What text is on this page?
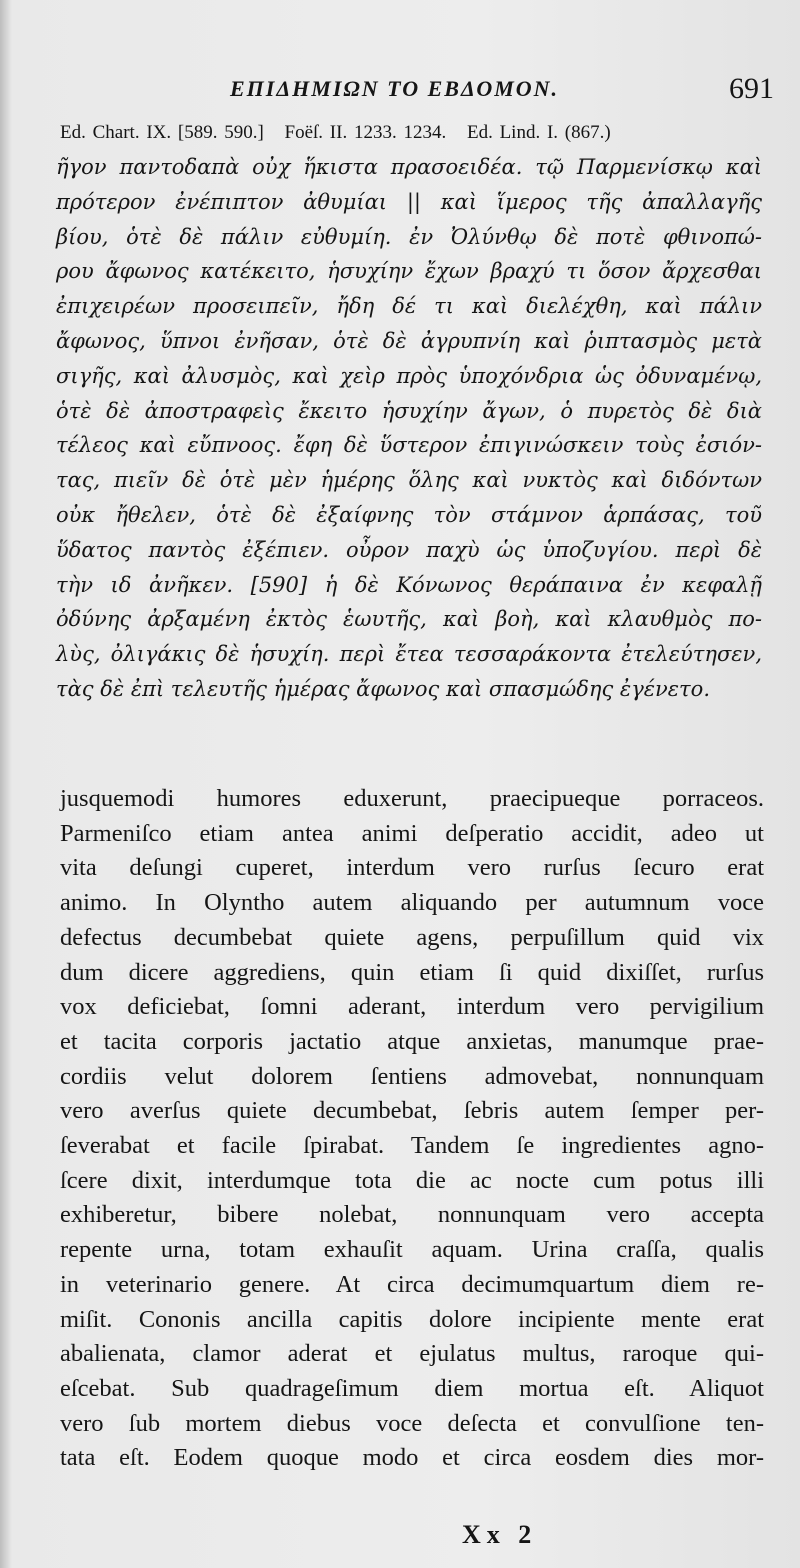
ΕΠΙΔΗΜΙΩΝ ΤΟ ΕΒΔΟΜΟΝ.	691
Ed. Chart. IX. [589. 590.] Foëſ. II. 1233. 1234. Ed. Lind. I. (867.)
ῆγον παντοδαπὰ οὐχ ἥκιστα πρασοειδέα. τῷ Παρμενίσκῳ καὶ
πρότερον ἐνέπιπτον ἀθυμίαι || καὶ ἵμερος τῆς ἀπαλλαγῆς
βίου, ὁτὲ δὲ πάλιν εὐθυμίη. ἐν Ὀλύνθῳ δὲ ποτὲ φθινοπώ-
ρου ἄφωνος κατέκειτο, ἡσυχίην ἔχων βραχύ τι ὅσον ἄρχεσθαι
ἐπιχειρέων προσειπεῖν, ἤδη δέ τι καὶ διελέχθη, καὶ πάλιν
ἄφωνος, ὕπνοι ἐνῆσαν, ὁτὲ δὲ ἀγρυπνίη καὶ ῥιπτασμὸς μετὰ
σιγῆς, καὶ ἀλυσμὸς, καὶ χεὶρ πρὸς ὑποχόνδρια ὡς ὀδυναμένῳ,
ὁτὲ δὲ ἀποστραφεὶς ἔκειτο ἡσυχίην ἄγων, ὁ πυρετὸς δὲ διὰ
τέλεος καὶ εὔπνοος. ἔφη δὲ ὕστερον ἐπιγινώσκειν τοὺς ἐσιόν-
τας, πιεῖν δὲ ὁτὲ μὲν ἡμέρης ὅλης καὶ νυκτὸς καὶ διδόντων
οὐκ ἤθελεν, ὁτὲ δὲ ἐξαίφνης τὸν στάμνον ἁρπάσας, τοῦ
ὕδατος παντὸς ἐξέπιεν. οὖρον παχὺ ὡς ὑποζυγίου. περὶ δὲ
τὴν ιδ ἀνῆκεν. [590] ἡ δὲ Κόνωνος θεράπαινα ἐν κεφαλῇ
ὀδύνης ἀρξαμένη ἐκτὸς ἑωυτῆς, καὶ βοὴ, καὶ κλαυθμὸς πο-
λὺς, ὀλιγάκις δὲ ἡσυχίη. περὶ ἔτεα τεσσαράκοντα ἐτελεύτησεν,
τὰς δὲ ἐπὶ τελευτῆς ἡμέρας ἄφωνος καὶ σπασμώδης ἐγένετο.
jusquemodi humores eduxerunt, praecipueque porraceos.
Parmeniſco etiam antea animi deſperatio accidit, adeo ut
vita deſungi cuperet, interdum vero rurſus ſecuro erat
animo. In Olyntho autem aliquando per autumnum voce
defectus decumbebat quiete agens, perpuſillum quid vix
dum dicere aggrediens, quin etiam ſi quid dixiſſet, rurſus
vox deficiebat, ſomni aderant, interdum vero pervigilium
et tacita corporis jactatio atque anxietas, manumque prae-
cordiis velut dolorem ſentiens admovebat, nonnunquam
vero averſus quiete decumbebat, ſebris autem ſemper per-
ſeverabat et facile ſpirabat. Tandem ſe ingredientes agno-
ſcere dixit, interdumque tota die ac nocte cum potus illi
exhiberetur, bibere nolebat, nonnunquam vero accepta
repente urna, totam exhauſit aquam. Urina craſſa, qualis
in veterinario genere. At circa decimumquartum diem re-
miſit. Cononis ancilla capitis dolore incipiente mente erat
abalienata, clamor aderat et ejulatus multus, raroque qui-
eſcebat. Sub quadrageſimum diem mortua eſt. Aliquot
vero ſub mortem diebus voce deſecta et convulſione ten-
tata eſt. Eodem quoque modo et circa eosdem dies mor-
Xx 2
